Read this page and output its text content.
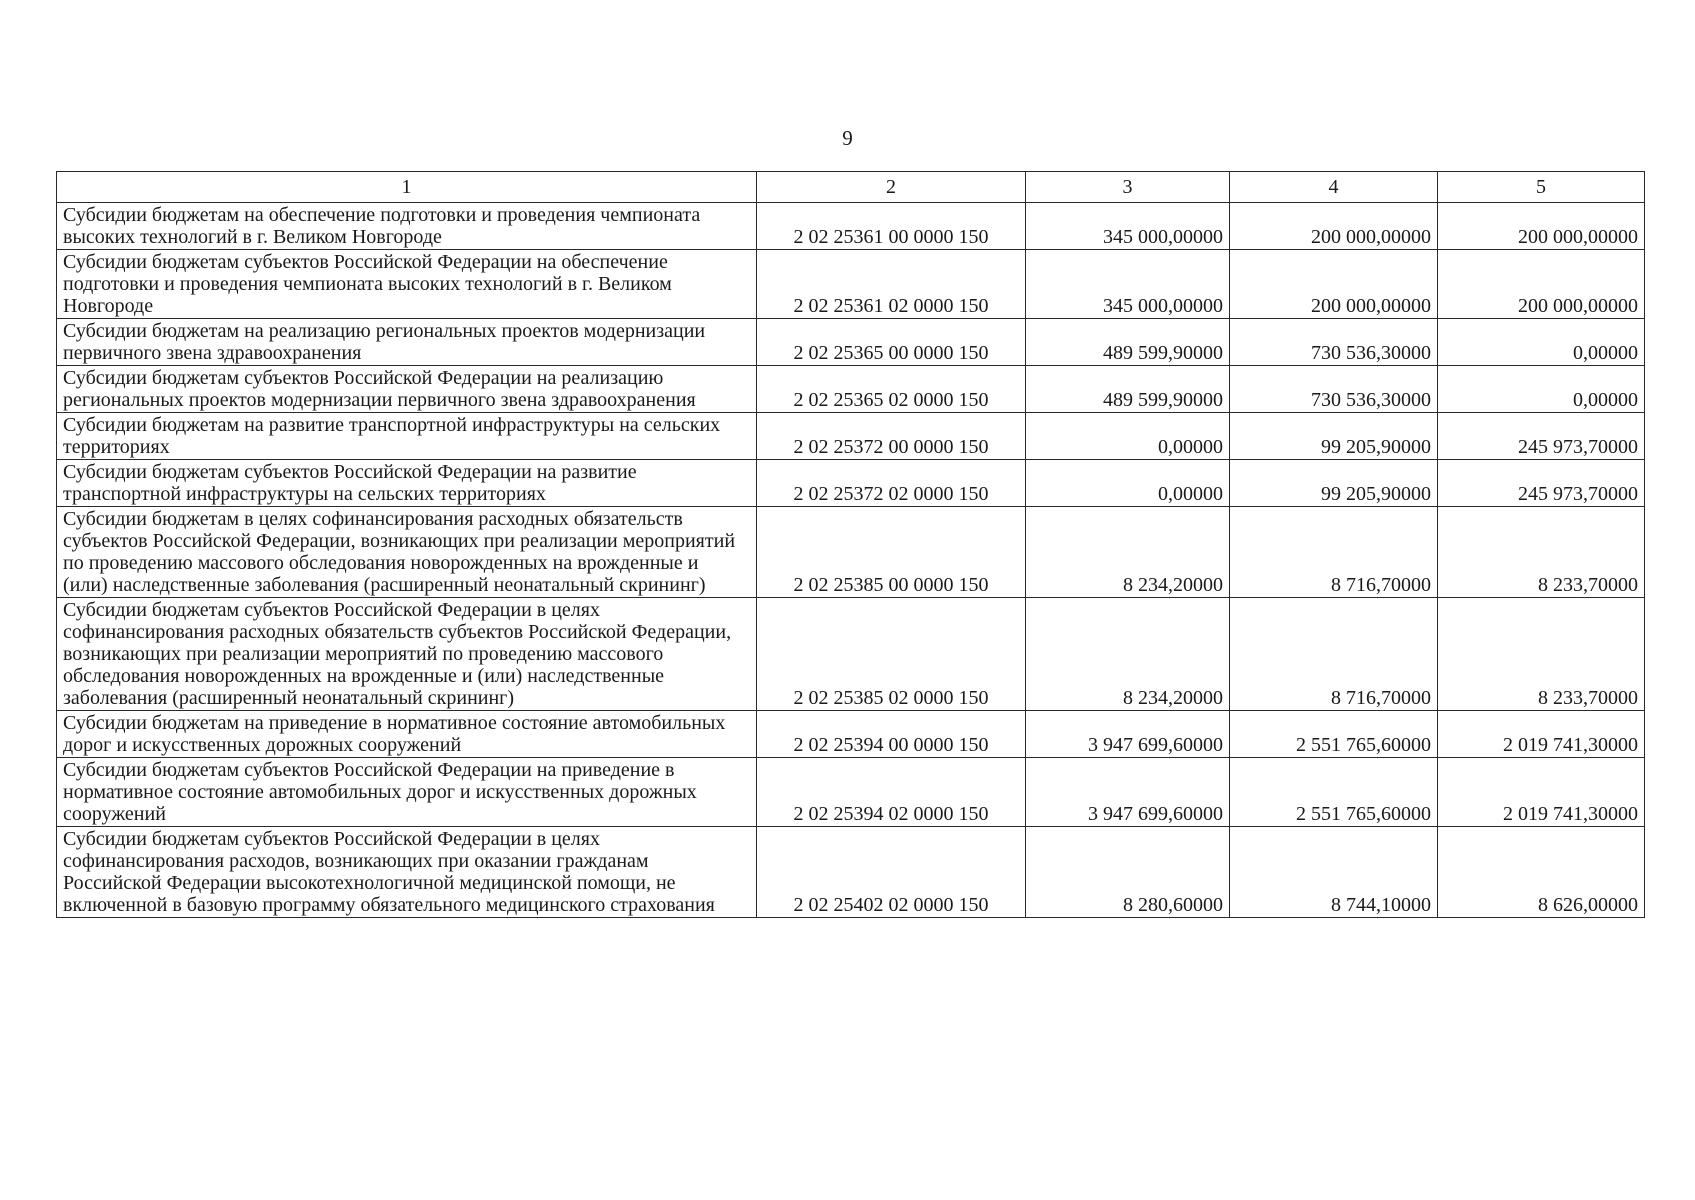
9
1	2	3	4	5
Субсидии бюджетам на обеспечение подготовки и проведения чемпионата высоких технологий в г. Великом Новгороде	2 02 25361 00 0000 150	345 000,00000	200 000,00000	200 000,00000
Субсидии бюджетам субъектов Российской Федерации на обеспечение подготовки и проведения чемпионата высоких технологий в г. Великом Новгороде	2 02 25361 02 0000 150	345 000,00000	200 000,00000	200 000,00000
Субсидии бюджетам на реализацию региональных проектов модернизации первичного звена здравоохранения	2 02 25365 00 0000 150	489 599,90000	730 536,30000	0,00000
Субсидии бюджетам субъектов Российской Федерации на реализацию региональных проектов модернизации первичного звена здравоохранения	2 02 25365 02 0000 150	489 599,90000	730 536,30000	0,00000
Субсидии бюджетам на развитие транспортной инфраструктуры на сельских территориях	2 02 25372 00 0000 150	0,00000	99 205,90000	245 973,70000
Субсидии бюджетам субъектов Российской Федерации на развитие транспортной инфраструктуры на сельских территориях	2 02 25372 02 0000 150	0,00000	99 205,90000	245 973,70000
Субсидии бюджетам в целях софинансирования расходных обязательств субъектов Российской Федерации, возникающих при реализации мероприятий по проведению массового обследования новорожденных на врожденные и (или) наследственные заболевания (расширенный неонатальный скрининг)	2 02 25385 00 0000 150	8 234,20000	8 716,70000	8 233,70000
Субсидии бюджетам субъектов Российской Федерации в целях софинансирования расходных обязательств субъектов Российской Федерации, возникающих при реализации мероприятий по проведению массового обследования новорожденных на врожденные и (или) наследственные заболевания (расширенный неонатальный скрининг)	2 02 25385 02 0000 150	8 234,20000	8 716,70000	8 233,70000
Субсидии бюджетам на приведение в нормативное состояние автомобильных дорог и искусственных дорожных сооружений	2 02 25394 00 0000 150	3 947 699,60000	2 551 765,60000	2 019 741,30000
Субсидии бюджетам субъектов Российской Федерации на приведение в нормативное состояние автомобильных дорог и искусственных дорожных сооружений	2 02 25394 02 0000 150	3 947 699,60000	2 551 765,60000	2 019 741,30000
Субсидии бюджетам субъектов Российской Федерации в целях софинансирования расходов, возникающих при оказании гражданам Российской Федерации высокотехнологичной медицинской помощи, не включенной в базовую программу обязательного медицинского страхования	2 02 25402 02 0000 150	8 280,60000	8 744,10000	8 626,00000
